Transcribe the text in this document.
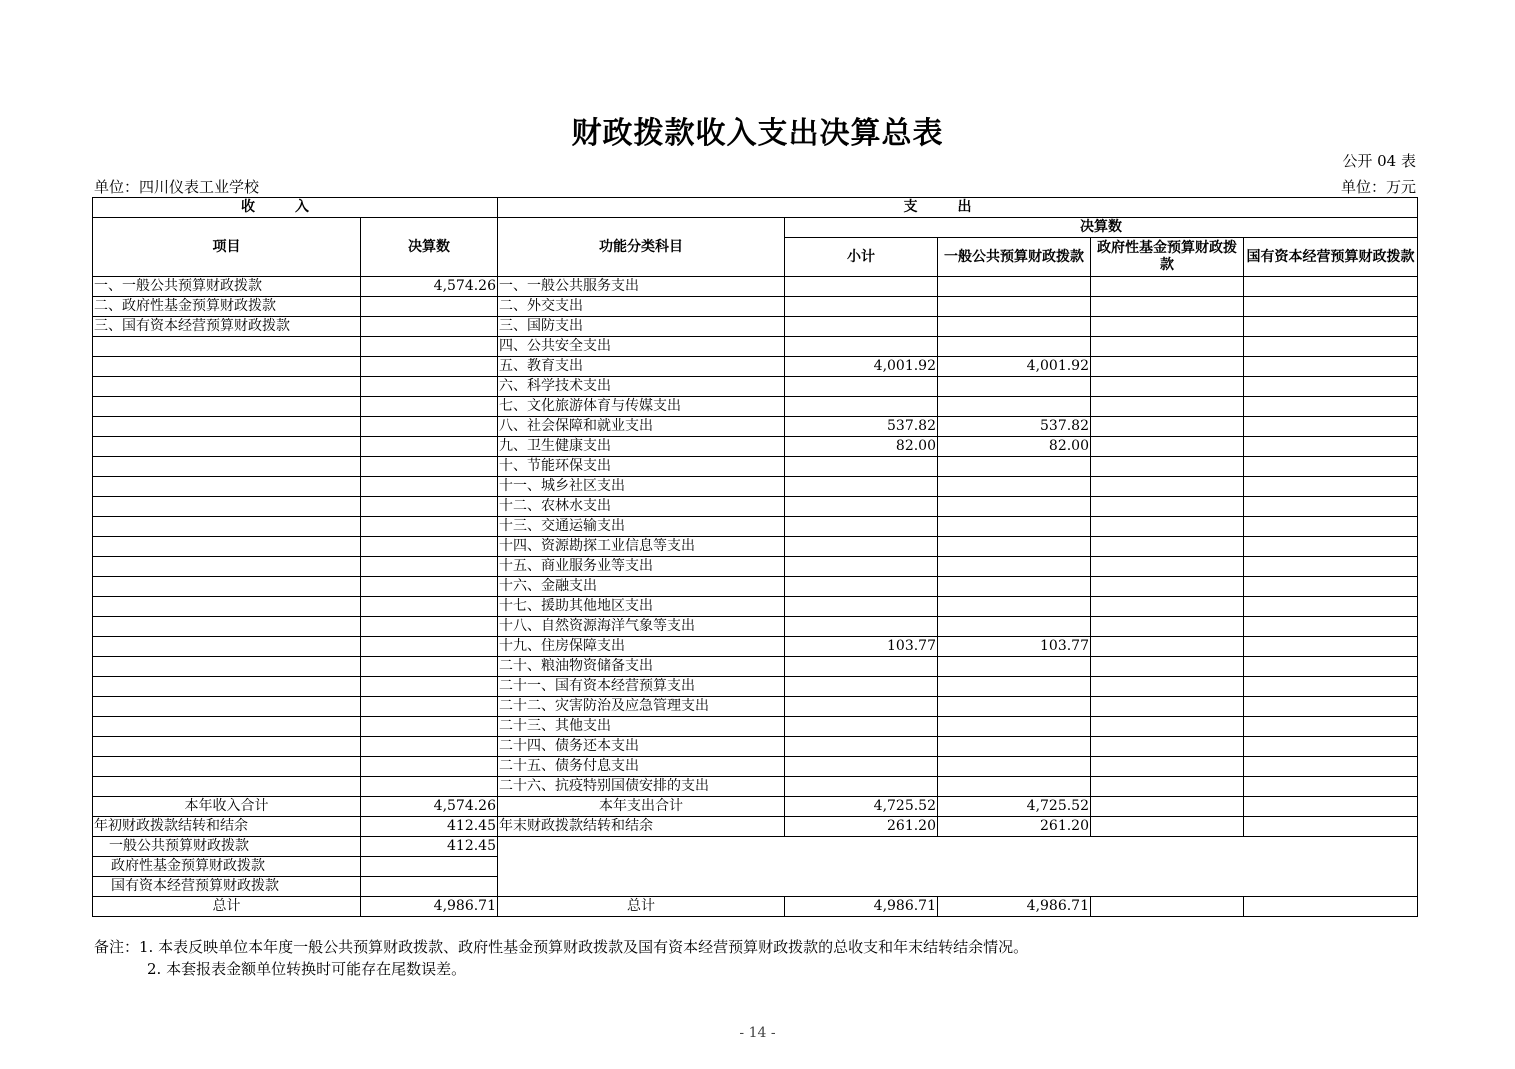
财政拨款收入支出决算总表
公开 04 表
单位：四川仪表工业学校	单位：万元
收入		支出				
项目	决算数	功能分类科目	决算数			
			小计	一般公共预算财政拨款	政府性基金预算财政拨款	国有资本经营预算财政拨款
一、一般公共预算财政拨款	4,574.26	一、一般公共服务支出				
二、政府性基金预算财政拨款		二、外交支出				
三、国有资本经营预算财政拨款		三、国防支出				
		四、公共安全支出				
		五、教育支出	4,001.92	4,001.92		
		六、科学技术支出				
		七、文化旅游体育与传媒支出				
		八、社会保障和就业支出	537.82	537.82		
		九、卫生健康支出	82.00	82.00		
		十、节能环保支出				
		十一、城乡社区支出				
		十二、农林水支出				
		十三、交通运输支出				
		十四、资源勘探工业信息等支出				
		十五、商业服务业等支出				
		十六、金融支出				
		十七、援助其他地区支出				
		十八、自然资源海洋气象等支出				
		十九、住房保障支出	103.77	103.77		
		二十、粮油物资储备支出				
		二十一、国有资本经营预算支出				
		二十二、灾害防治及应急管理支出				
		二十三、其他支出				
		二十四、债务还本支出				
		二十五、债务付息支出				
		二十六、抗疫特别国债安排的支出				
本年收入合计	4,574.26	本年支出合计	4,725.52	4,725.52		
年初财政拨款结转和结余	412.45	年末财政拨款结转和结余	261.20	261.20		
一般公共预算财政拨款	412.45					
政府性基金预算财政拨款						
国有资本经营预算财政拨款						
总计	4,986.71	总计	4,986.71	4,986.71		
备注：1. 本表反映单位本年度一般公共预算财政拨款、政府性基金预算财政拨款及国有资本经营预算财政拨款的总收支和年末结转结余情况。
2. 本套报表金额单位转换时可能存在尾数误差。
- 14 -
